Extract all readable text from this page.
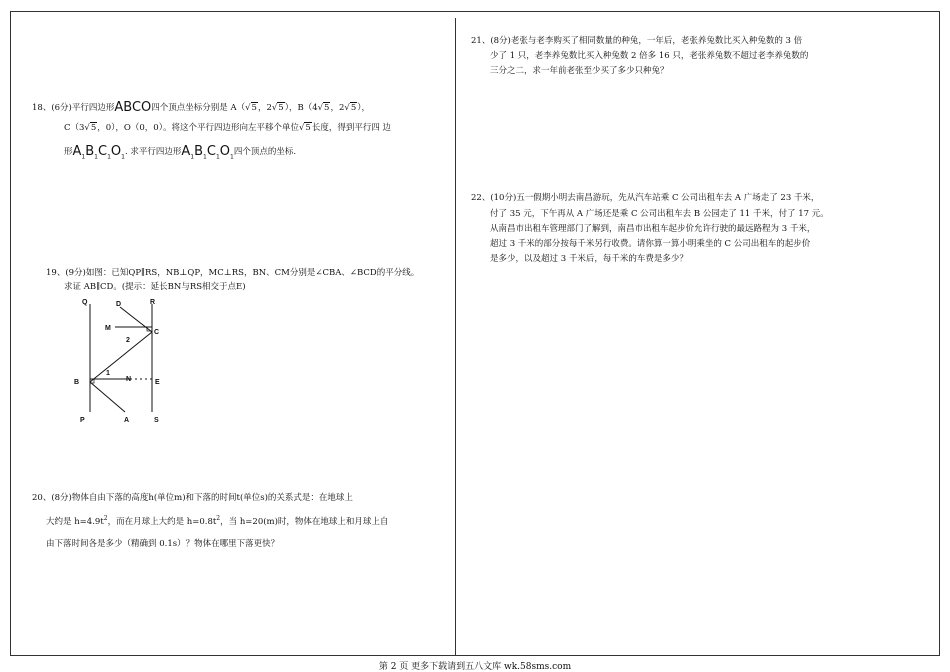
18、(6分)平行四边形ABCO四个顶点坐标分别是 A（√5，2√5），B（4√5，2√5），
C（3√5，0），O（0，0）。将这个平行四边形向左平移个单位√5长度，得到平行四 边
形$A_1B_1C_1O_1$. 求平行四边形$A_1B_1C_1O_1$四个顶点的坐标.
19、(9分)如图：已知QP∥RS，NB⊥QP，MC⊥RS，BN、CM分别是∠CBA、∠BCD的平分线。
求证 AB∥CD。(提示：延长BN与RS相交于点E)
Q	D	R
M
C
2
1
B	N	E
P	A	S
20、(8分)物体自由下落的高度h(单位m)和下落的时间t(单位s)的关系式是：在地球上
大约是 $h=4.9t^2$，而在月球上大约是 $h=0.8t^2$，当 h=20(m)时，物体在地球上和月球上自
由下落时间各是多少（精确到 0.1s）？物体在哪里下落更快？
21、(8分)老张与老李购买了相同数量的种兔，一年后，老张养兔数比买入种兔数的 3 倍
少了 1 只，老李养兔数比买入种兔数 2 倍多 16 只，老张养兔数不超过老李养兔数的
三分之二，求一年前老张至少买了多少只种兔？
22、(10分)五一假期小明去南昌游玩，先从汽车站乘 C 公司出租车去 A 广场走了 23 千米，
付了 35 元，下午再从 A 广场还是乘 C 公司出租车去 B 公园走了 11 千米，付了 17 元。
从南昌市出租车管理部门了解到，南昌市出租车起步价允许行驶的最远路程为 3 千米，
超过 3 千米的部分按每千米另行收费。请你算一算小明乘坐的 C 公司出租车的起步价
是多少，以及超过 3 千米后，每千米的车费是多少？
第 2 页 更多下载请到五八文库 wk.58sms.com
